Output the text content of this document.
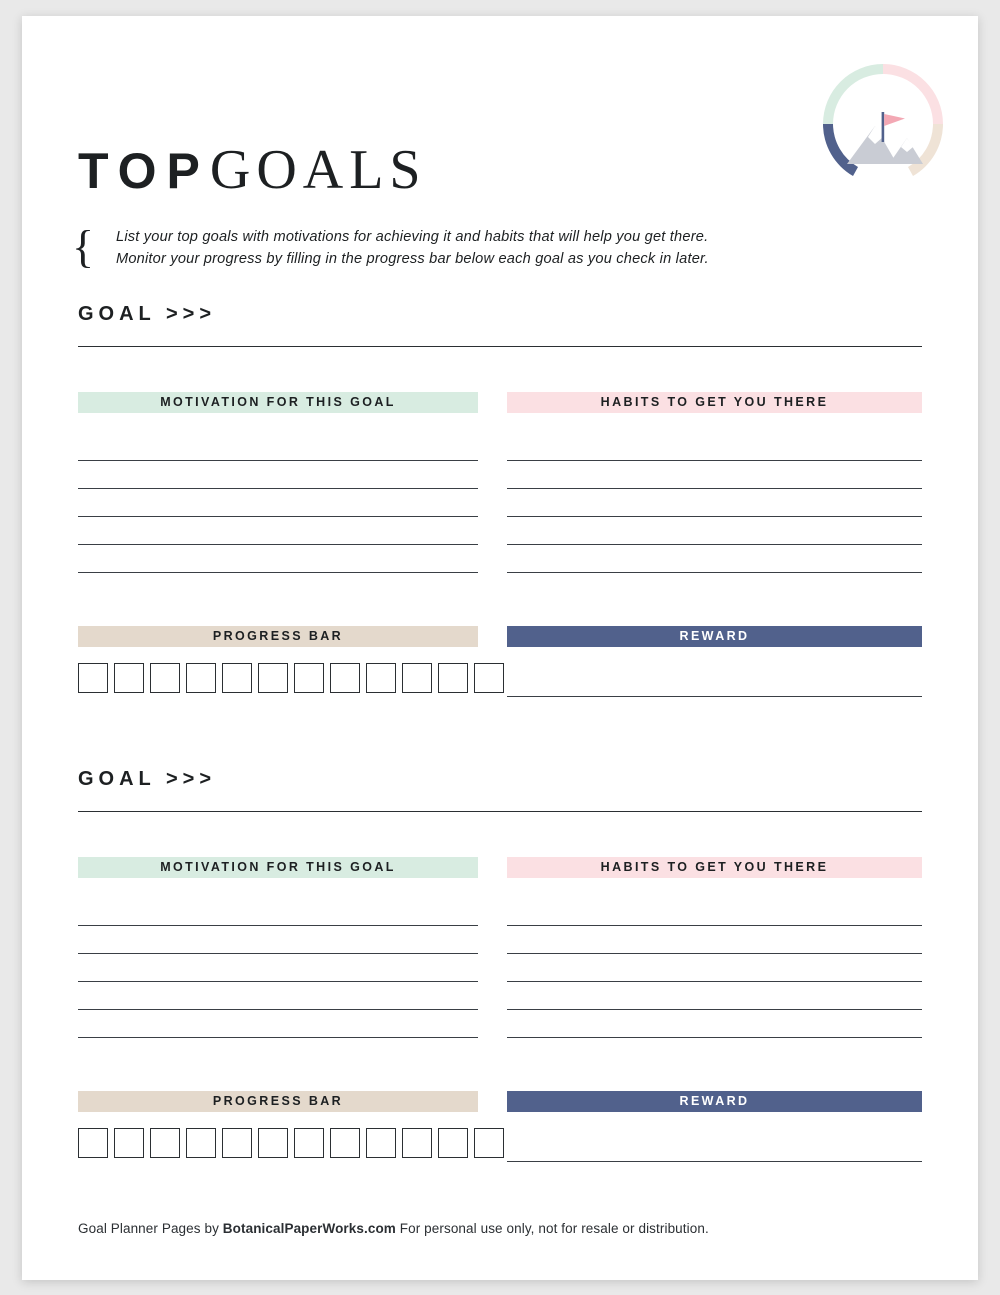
TOPGOALS
{ List your top goals with motivations for achieving it and habits that will help you get there.
Monitor your progress by filling in the progress bar below each goal as you check in later.
GOAL >>>
MOTIVATION FOR THIS GOAL	HABITS TO GET YOU THERE
PROGRESS BAR	REWARD
GOAL >>>
MOTIVATION FOR THIS GOAL	HABITS TO GET YOU THERE
PROGRESS BAR	REWARD
Goal Planner Pages by BotanicalPaperWorks.com For personal use only, not for resale or distribution.
